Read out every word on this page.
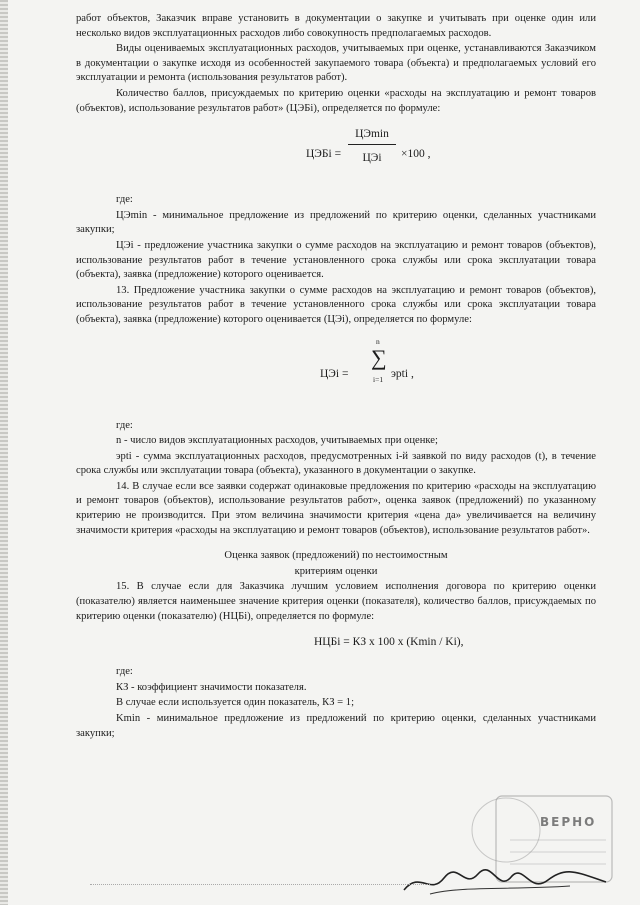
работ объектов, Заказчик вправе установить в документации о закупке и учитывать при оценке один или несколько видов эксплуатационных расходов либо совокупность предполагаемых расходов.

Виды оцениваемых эксплуатационных расходов, учитываемых при оценке, устанавливаются Заказчиком в документации о закупке исходя из особенностей закупаемого товара (объекта) и предполагаемых условий его эксплуатации и ремонта (использования результатов работ).

Количество баллов, присуждаемых по критерию оценки «расходы на эксплуатацию и ремонт товаров (объектов), использование результатов работ» (ЦЭБi), определяется по формуле:

ЦЭБi =
ЦЭmin
ЦЭi	×100 ,

где:

ЦЭmin - минимальное предложение из предложений по критерию оценки, сделанных участниками закупки;

ЦЭi - предложение участника закупки о сумме расходов на эксплуатацию и ремонт товаров (объектов), использование результатов работ в течение установленного срока службы или срока эксплуатации товара (объекта), заявка (предложение) которого оценивается.

13. Предложение участника закупки о сумме расходов на эксплуатацию и ремонт товаров (объектов), использование результатов работ в течение установленного срока службы или срока эксплуатации товара (объекта), заявка (предложение) которого оценивается (ЦЭi), определяется по формуле:

ЦЭi =
n
∑
i=1 эрti ,

где:

n - число видов эксплуатационных расходов, учитываемых при оценке;

эрti - сумма эксплуатационных расходов, предусмотренных i-й заявкой по виду расходов (t), в течение срока службы или эксплуатации товара (объекта), указанного в документации о закупке.

14. В случае если все заявки содержат одинаковые предложения по критерию «расходы на эксплуатацию и ремонт товаров (объектов), использование результатов работ», оценка заявок (предложений) по указанному критерию не производится. При этом величина значимости критерия «цена да» увеличивается на величину значимости критерия «расходы на эксплуатацию и ремонт товаров (объектов), использование результатов работ».

Оценка заявок (предложений) по нестоимостным

критериям оценки

15. В случае если для Заказчика лучшим условием исполнения договора по критерию оценки (показателю) является наименьшее значение критерия оценки (показателя), количество баллов, присуждаемых по критерию оценки (показателю) (НЦБi), определяется по формуле:

НЦБi = КЗ х 100 х (Kmin / Ki),

где:

КЗ - коэффициент значимости показателя.

В случае если используется один показатель, КЗ = 1;

Kmin - минимальное предложение из предложений по критерию оценки, сделанных участниками закупки;

ВЕРНО
